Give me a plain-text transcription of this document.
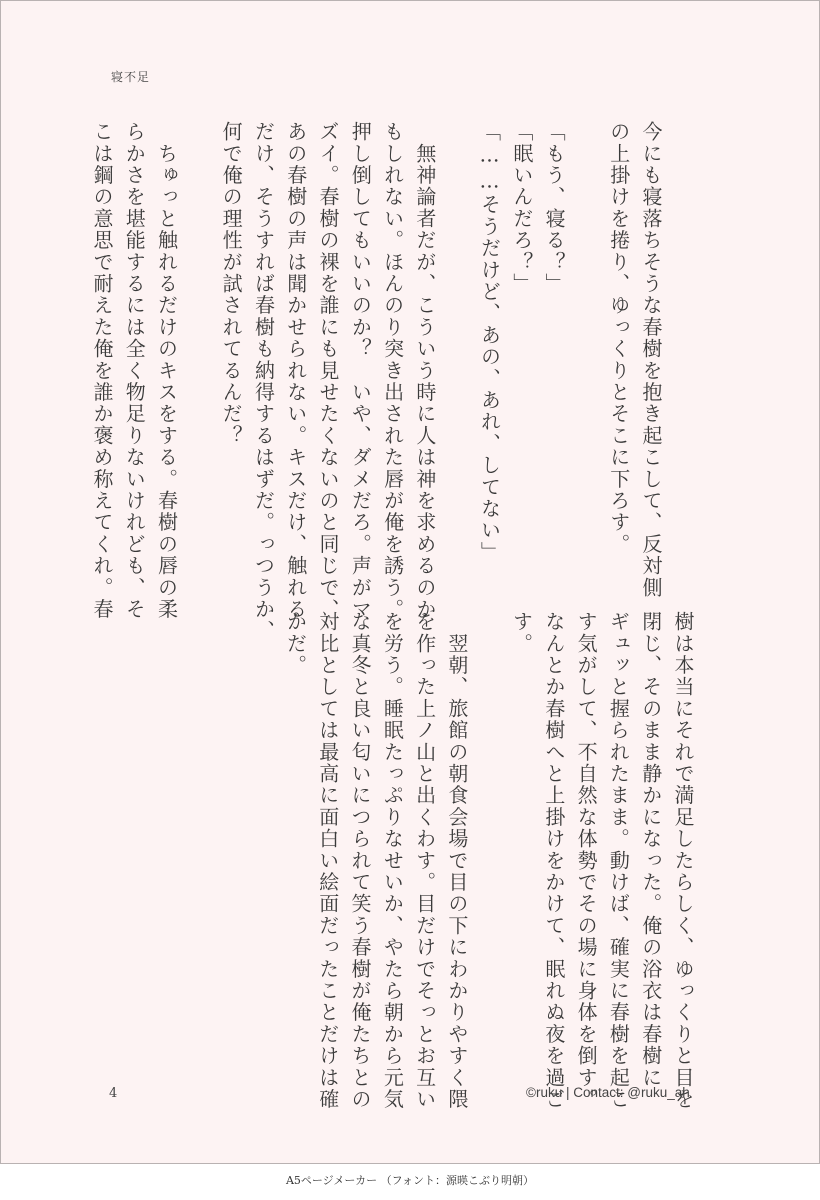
寝不足

今にも寝落ちそうな春樹を抱き起こして、反対側
の上掛けを捲り、ゆっくりとそこに下ろす。

「もう、寝る？」
「眠いんだろ？」
「……そうだけど、あの、あれ、してない」

　無神論者だが、こういう時に人は神を求めるのか
もしれない。ほんのり突き出された唇が俺を誘う。
押し倒してもいいのか？　いや、ダメだろ。声がマ
ズイ。春樹の裸を誰にも見せたくないのと同じで、
あの春樹の声は聞かせられない。キスだけ、触れる
だけ、そうすれば春樹も納得するはずだ。っつうか、
何で俺の理性が試されてるんだ？

　ちゅっと触れるだけのキスをする。春樹の唇の柔
らかさを堪能するには全く物足りないけれども、そ
こは鋼の意思で耐えた俺を誰か褒め称えてくれ。春

樹は本当にそれで満足したらしく、ゆっくりと目を
閉じ、そのまま静かになった。俺の浴衣は春樹に
ギュッと握られたまま。動けば、確実に春樹を起こ
す気がして、不自然な体勢でその場に身体を倒す。
なんとか春樹へと上掛けをかけて、眠れぬ夜を過ご
す。

　翌朝、旅館の朝食会場で目の下にわかりやすく隈
を作った上ノ山と出くわす。目だけでそっとお互い
を労う。睡眠たっぷりなせいか、やたら朝から元気
な真冬と良い匂いにつられて笑う春樹が俺たちとの
対比としては最高に面白い絵面だったことだけは確
かだ。

4	©ruku | Contact: @ruku_ah
A5ページメーカー （フォント：源暎こぶり明朝）
